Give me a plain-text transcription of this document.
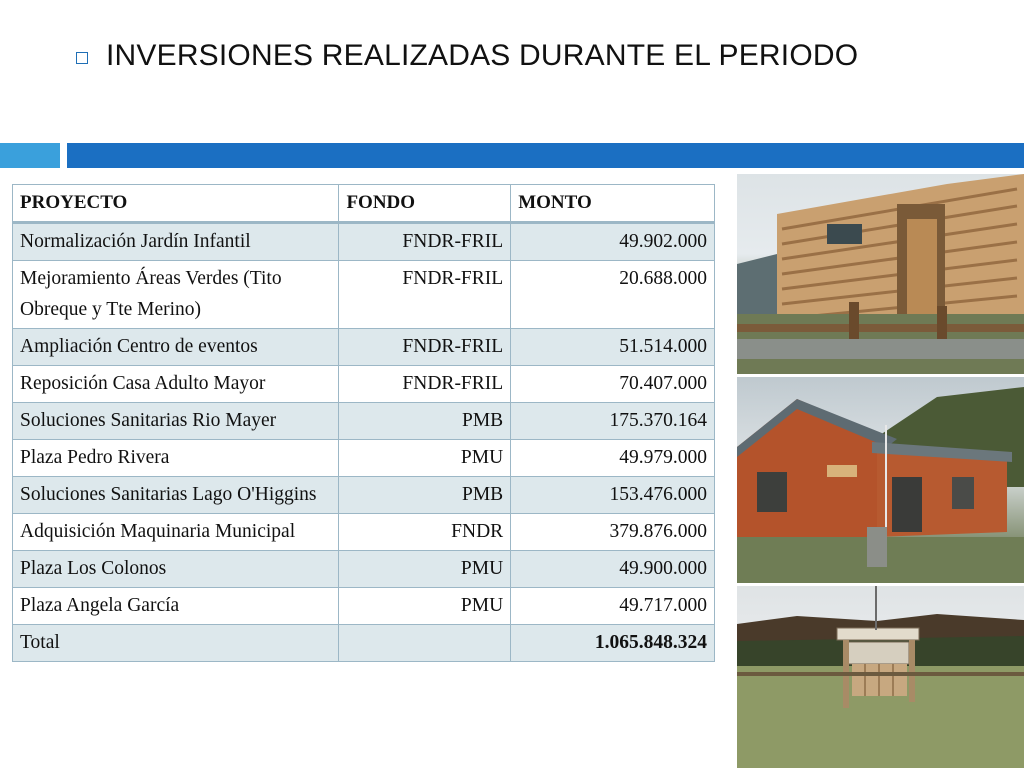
INVERSIONES REALIZADAS DURANTE EL PERIODO
PROYECTO	FONDO	MONTO
Normalización Jardín Infantil	FNDR-FRIL	49.902.000
Mejoramiento Áreas Verdes (Tito Obreque y Tte Merino)	FNDR-FRIL	20.688.000
Ampliación Centro de eventos	FNDR-FRIL	51.514.000
Reposición Casa Adulto Mayor	FNDR-FRIL	70.407.000
Soluciones Sanitarias Rio Mayer	PMB	175.370.164
Plaza Pedro Rivera	PMU	49.979.000
Soluciones Sanitarias Lago O'Higgins	PMB	153.476.000
Adquisición Maquinaria Municipal	FNDR	379.876.000
Plaza Los Colonos	PMU	49.900.000
Plaza Angela García	PMU	49.717.000
Total		1.065.848.324
